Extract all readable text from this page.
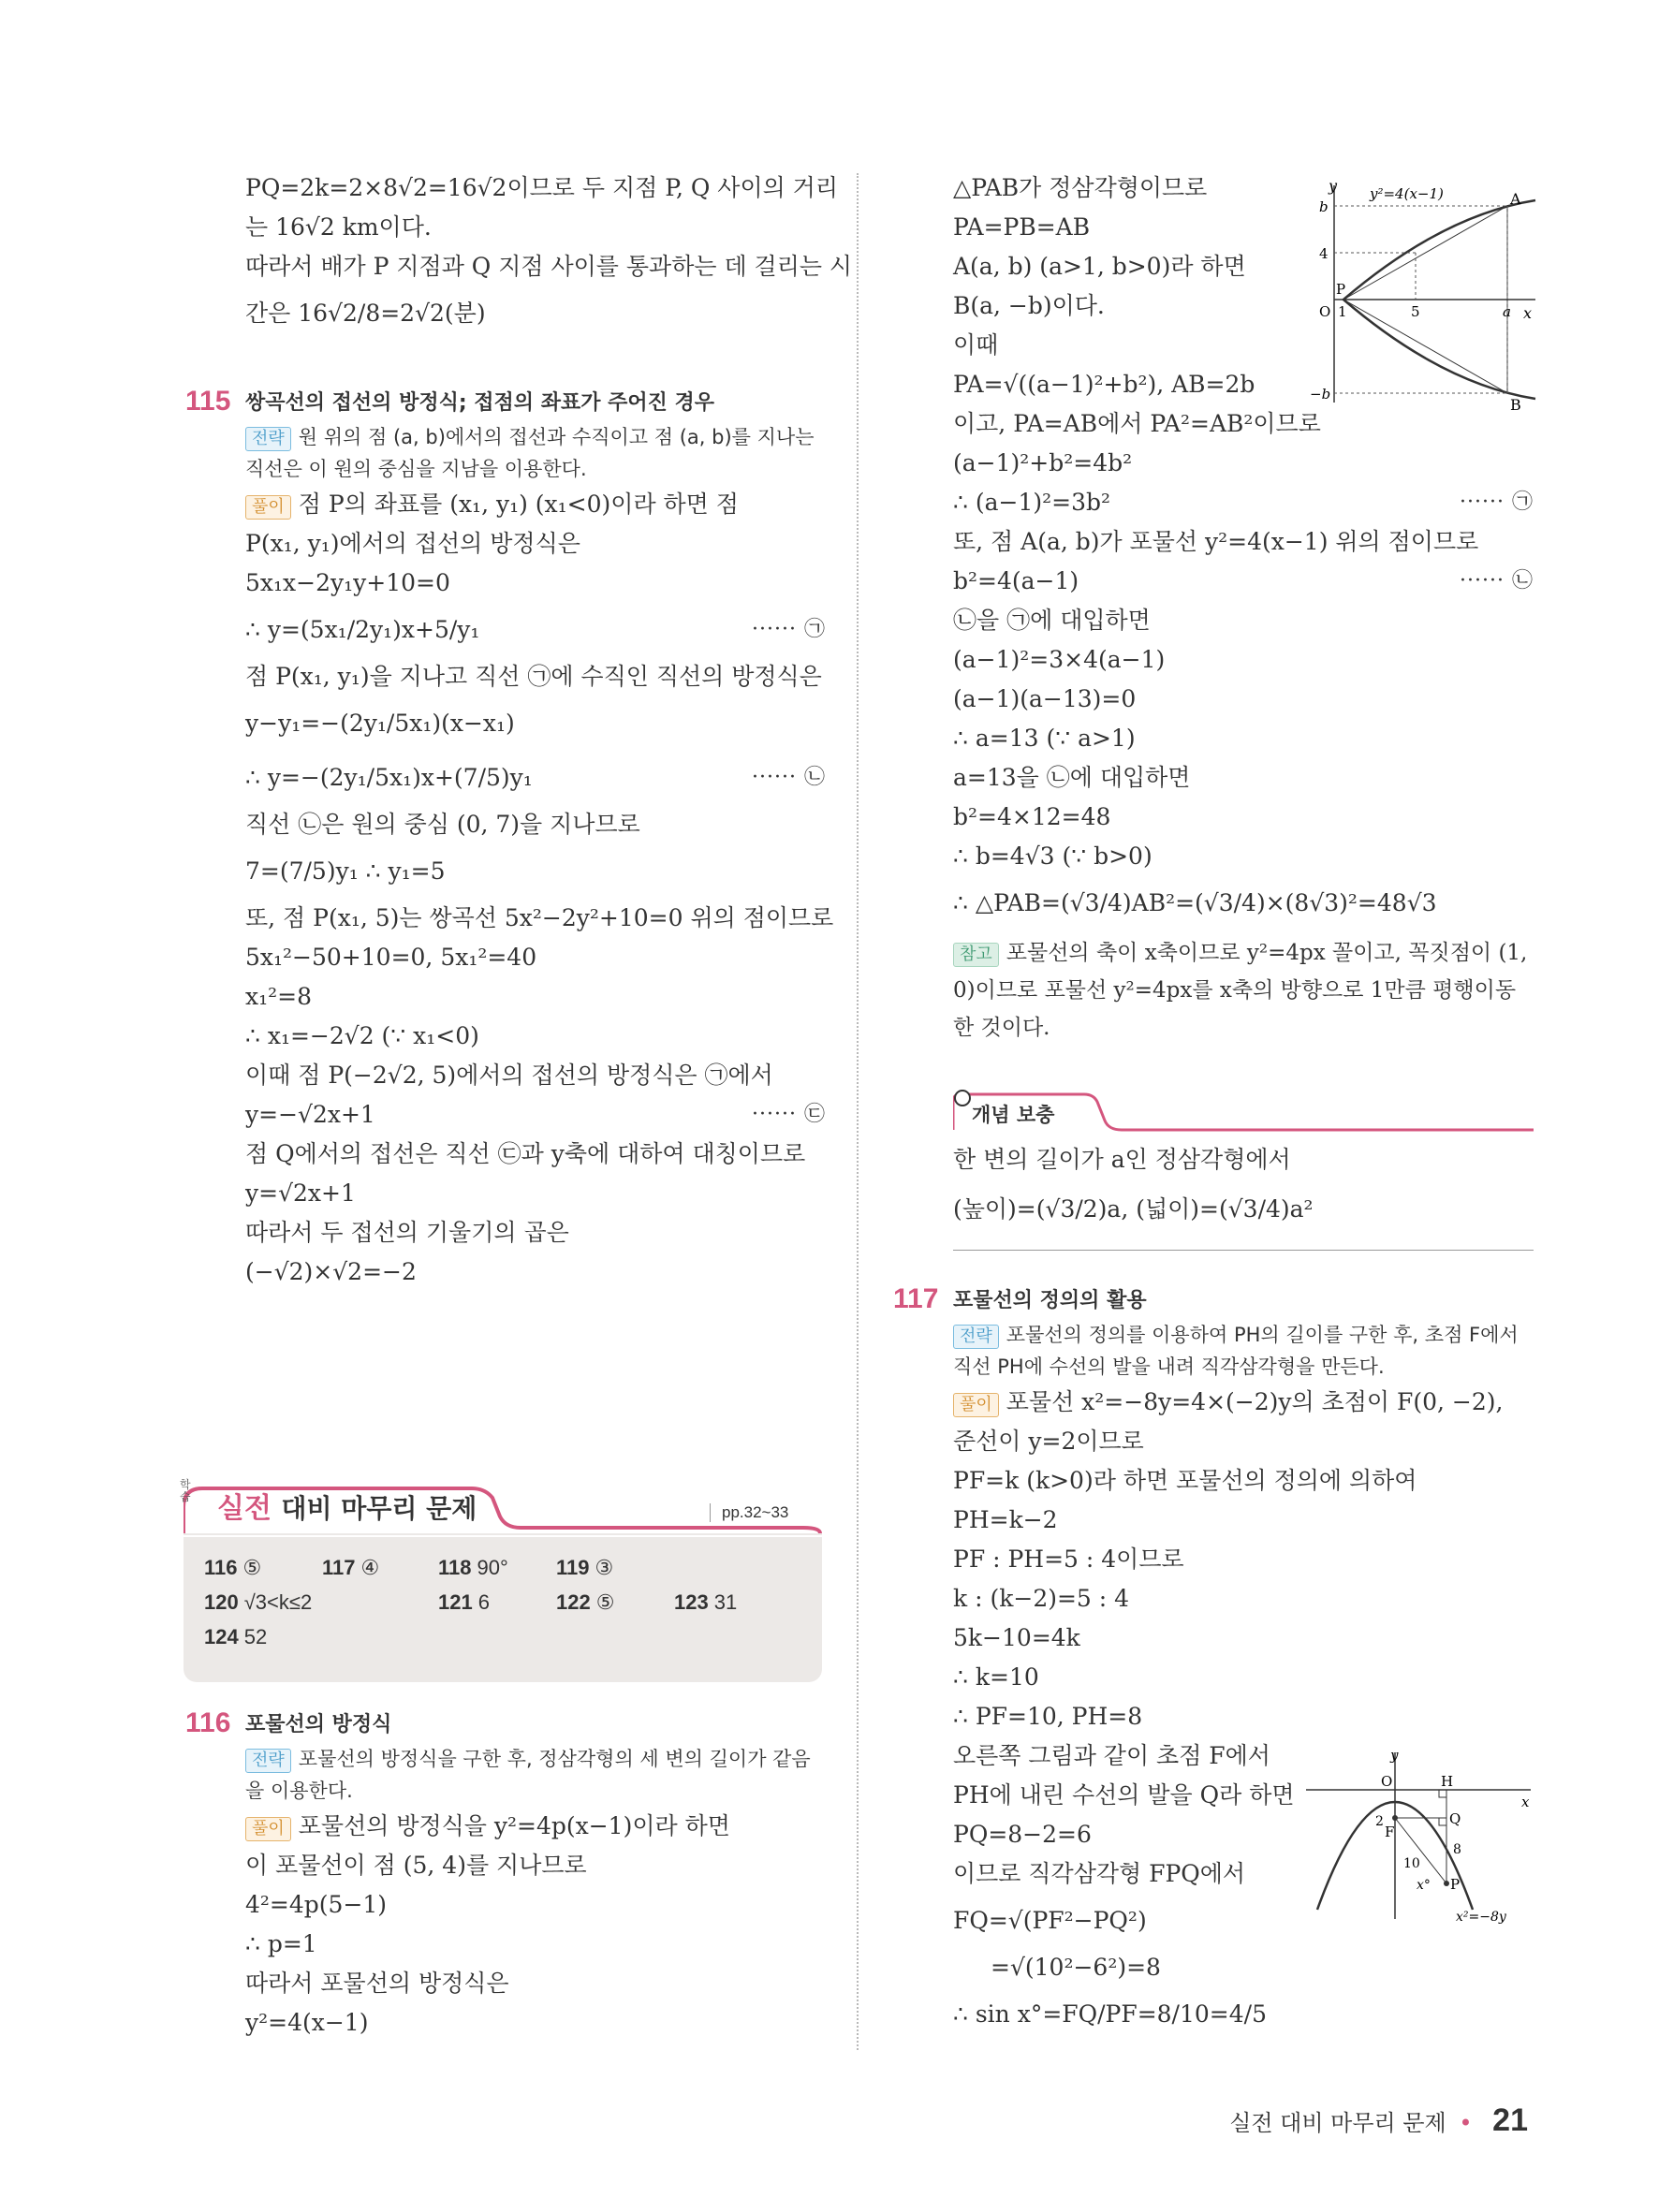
PQ=2k=2×8√2=16√2이므로 두 지점 P, Q 사이의 거리
는 16√2 km이다.
따라서 배가 P 지점과 Q 지점 사이를 통과하는 데 걸리는 시
간은 16√2/8=2√2(분)
115 쌍곡선의 접선의 방정식; 접점의 좌표가 주어진 경우
전략 원 위의 점 (a, b)에서의 접선과 수직이고 점 (a, b)를 지나는 직선은 이 원의 중심을 지남을 이용한다.
풀이 점 P의 좌표를 (x₁, y₁) (x₁<0)이라 하면 점
P(x₁, y₁)에서의 접선의 방정식은
5x₁x−2y₁y+10=0
∴ y=(5x₁/2y₁)x+5/y₁	······ ㉠
점 P(x₁, y₁)을 지나고 직선 ㉠에 수직인 직선의 방정식은
y−y₁=−(2y₁/5x₁)(x−x₁)
∴ y=−(2y₁/5x₁)x+(7/5)y₁	······ ㉡
직선 ㉡은 원의 중심 (0, 7)을 지나므로
7=(7/5)y₁ ∴ y₁=5
또, 점 P(x₁, 5)는 쌍곡선 5x²−2y²+10=0 위의 점이므로
5x₁²−50+10=0, 5x₁²=40
x₁²=8
∴ x₁=−2√2 (∵ x₁<0)
이때 점 P(−2√2, 5)에서의 접선의 방정식은 ㉠에서
y=−√2x+1	······ ㉢
점 Q에서의 접선은 직선 ㉢과 y축에 대하여 대칭이므로
y=√2x+1
따라서 두 접선의 기울기의 곱은
(−√2)×√2=−2
학습 실전 대비 마무리 문제	pp.32~33
116 ⑤	117 ④	118 90° 119 ③
120 √3<k≤2	121 6	122 ⑤	123 31
124 52
116 포물선의 방정식
전략 포물선의 방정식을 구한 후, 정삼각형의 세 변의 길이가 같음을 이용한다.
풀이 포물선의 방정식을 y²=4p(x−1)이라 하면
이 포물선이 점 (5, 4)를 지나므로
4²=4p(5−1)
∴ p=1
따라서 포물선의 방정식은
y²=4(x−1)
△PAB가 정삼각형이므로
PA=PB=AB
A(a, b) (a>1, b>0)라 하면
B(a, −b)이다.
이때
PA=√((a−1)²+b²), AB=2b
이고, PA=AB에서 PA²=AB²이므로
(a−1)²+b²=4b²
∴ (a−1)²=3b²	······ ㉠
또, 점 A(a, b)가 포물선 y²=4(x−1) 위의 점이므로
b²=4(a−1)	······ ㉡
㉡을 ㉠에 대입하면
(a−1)²=3×4(a−1)
(a−1)(a−13)=0
∴ a=13 (∵ a>1)
a=13을 ㉡에 대입하면
b²=4×12=48
∴ b=4√3 (∵ b>0)
∴ △PAB=(√3/4)AB²=(√3/4)×(8√3)²=48√3
참고 포물선의 축이 x축이므로 y²=4px 꼴이고, 꼭짓점이 (1, 0)이므로 포물선 y²=4px를 x축의 방향으로 1만큼 평행이동한 것이다.
y
x
y²=4(x−1)	A
B
b
4
−b
O 1	5	a
P
개념 보충
한 변의 길이가 a인 정삼각형에서
(높이)=(√3/2)a, (넓이)=(√3/4)a²
117 포물선의 정의의 활용
전략 포물선의 정의를 이용하여 PH의 길이를 구한 후, 초점 F에서 직선 PH에 수선의 발을 내려 직각삼각형을 만든다.
풀이 포물선 x²=−8y=4×(−2)y의 초점이 F(0, −2),
준선이 y=2이므로
PF=k (k>0)라 하면 포물선의 정의에 의하여
PH=k−2
PF : PH=5 : 4이므로
k : (k−2)=5 : 4
5k−10=4k
∴ k=10
∴ PF=10, PH=8
오른쪽 그림과 같이 초점 F에서
PH에 내린 수선의 발을 Q라 하면
PQ=8−2=6
이므로 직각삼각형 FPQ에서
FQ=√(PF²−PQ²)
=√(10²−6²)=8
∴ sin x°=FQ/PF=8/10=4/5
y
x
O	H
2
F
Q
8
10
x° P
x²=−8y
실전 대비 마무리 문제 • 21
